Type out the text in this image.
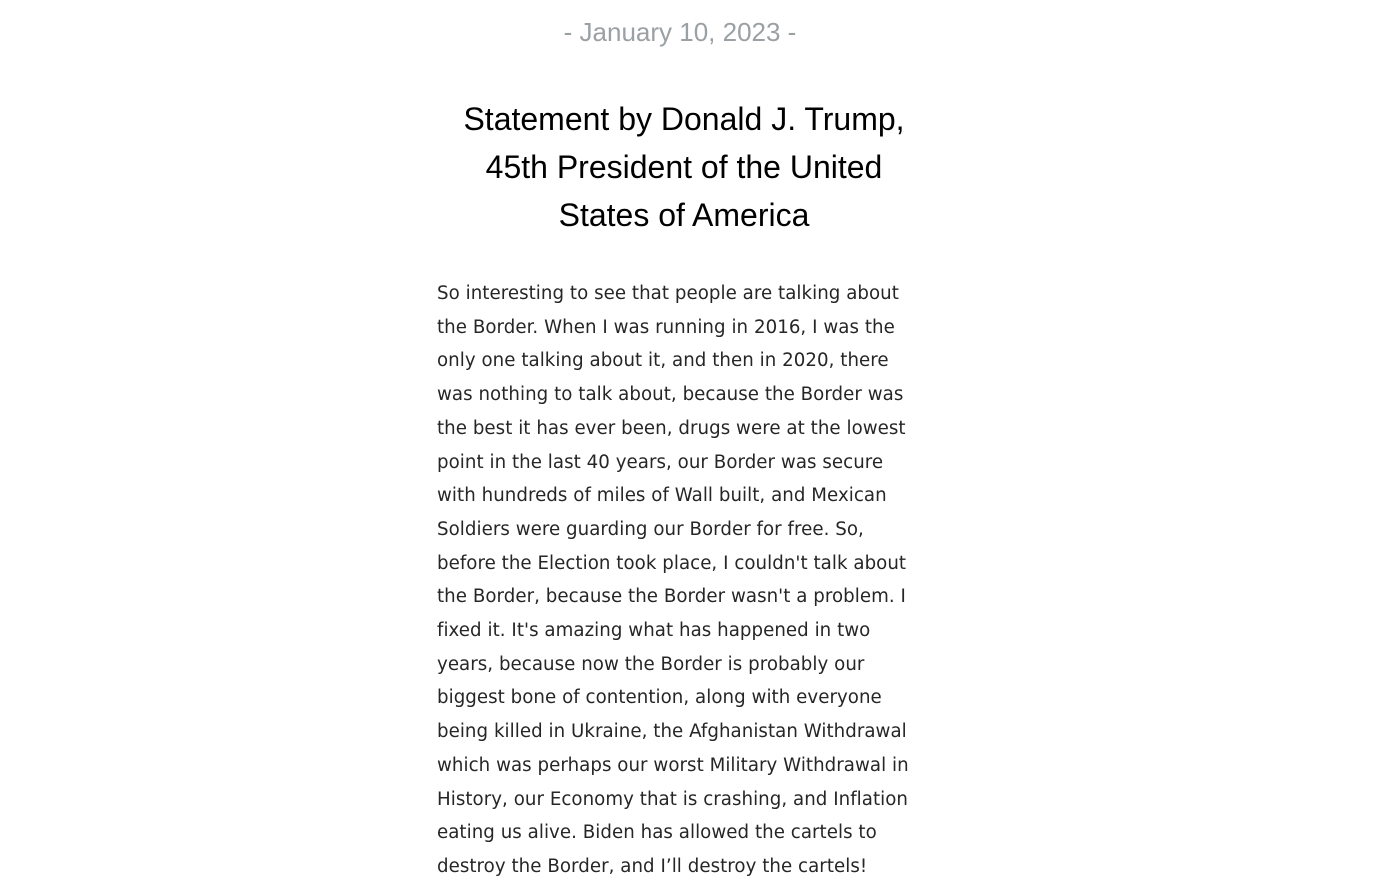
- January 10, 2023 -
Statement by Donald J. Trump,
45th President of the United
States of America
So interesting to see that people are talking about
the Border. When I was running in 2016, I was the
only one talking about it, and then in 2020, there
was nothing to talk about, because the Border was
the best it has ever been, drugs were at the lowest
point in the last 40 years, our Border was secure
with hundreds of miles of Wall built, and Mexican
Soldiers were guarding our Border for free. So,
before the Election took place, I couldn't talk about
the Border, because the Border wasn't a problem. I
fixed it. It's amazing what has happened in two
years, because now the Border is probably our
biggest bone of contention, along with everyone
being killed in Ukraine, the Afghanistan Withdrawal
which was perhaps our worst Military Withdrawal in
History, our Economy that is crashing, and Inflation
eating us alive. Biden has allowed the cartels to
destroy the Border, and I’ll destroy the cartels!
